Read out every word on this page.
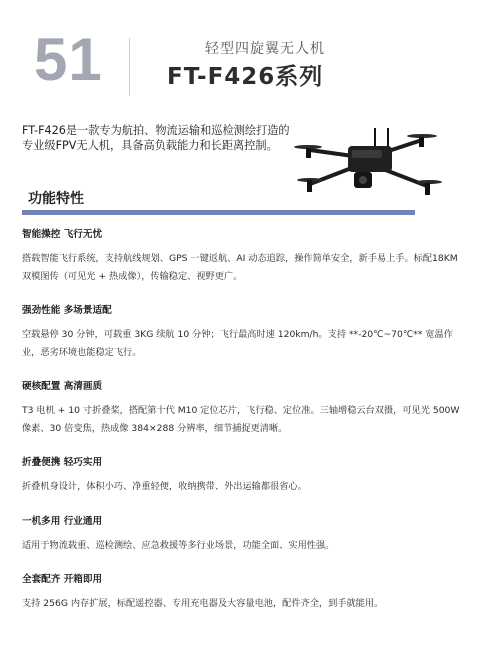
51	轻型四旋翼无人机
FT-F426系列
FT-F426是一款专为航拍、物流运输和巡检测绘打造的专业级FPV无人机，具备高负载能力和长距离控制。
功能特性

智能操控 飞行无忧

搭载智能飞行系统，支持航线规划、GPS 一键返航、AI 动态追踪，操作简单安全，新手易上手。标配18KM 双模图传（可见光 + 热成像），传输稳定、视野更广。

强劲性能 多场景适配

空载悬停 30 分钟，可载重 3KG 续航 10 分钟；飞行最高时速 120km/h。支持 **-20℃~70℃** 宽温作业，恶劣环境也能稳定飞行。

硬核配置 高清画质

T3 电机 + 10 寸折叠桨，搭配第十代 M10 定位芯片，飞行稳、定位准。三轴增稳云台双摄，可见光 500W 像素、30 倍变焦，热成像 384×288 分辨率，细节捕捉更清晰。

折叠便携 轻巧实用

折叠机身设计，体积小巧、净重轻便，收纳携带、外出运输都很省心。

一机多用 行业通用

适用于物流载重、巡检测绘、应急救援等多行业场景，功能全面、实用性强。

全套配齐 开箱即用

支持 256G 内存扩展，标配遥控器、专用充电器及大容量电池，配件齐全，到手就能用。
